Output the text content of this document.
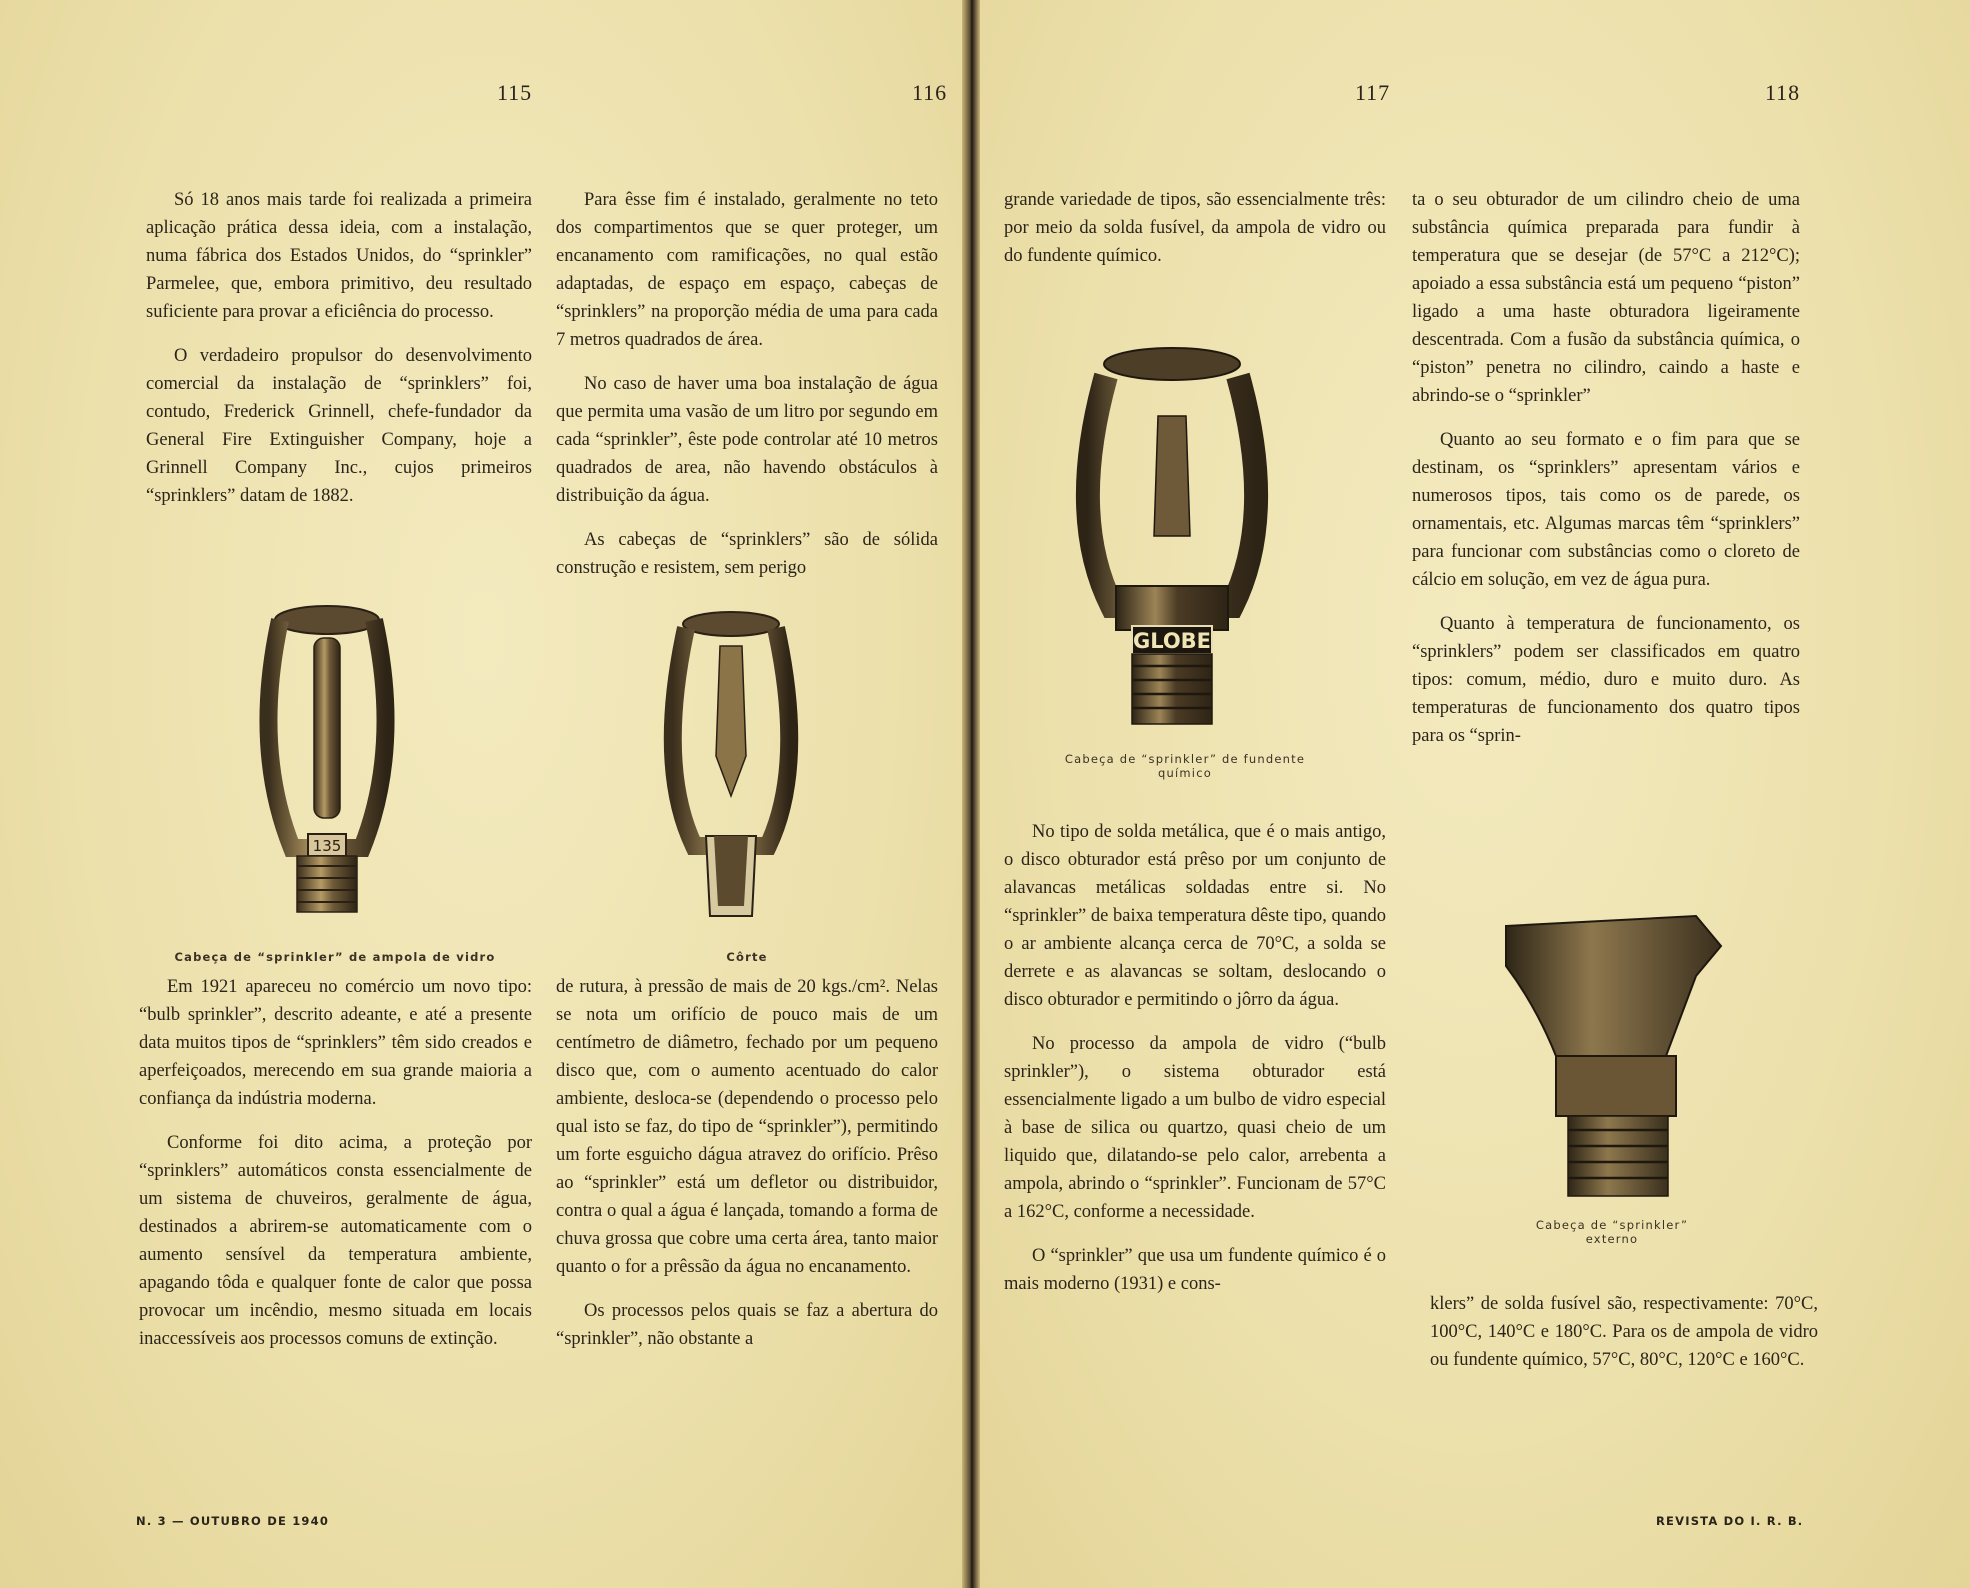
115	116	117	118

Só 18 anos mais tarde foi realizada a primeira aplicação prática dessa ideia, com a instalação, numa fábrica dos Estados Unidos, do “sprinkler” Parmelee, que, embora primitivo, deu resultado suficiente para provar a eficiência do processo.

O verdadeiro propulsor do desenvolvimento comercial da instalação de “sprinklers” foi, contudo, Frederick Grinnell, chefe-fundador da General Fire Extinguisher Company, hoje a Grinnell Company Inc., cujos primeiros “sprinklers” datam de 1882.

135
Cabeça de “sprinkler” de ampola de vidro

Em 1921 apareceu no comércio um novo tipo: “bulb sprinkler”, descrito adeante, e até a presente data muitos tipos de “sprinklers” têm sido creados e aperfeiçoados, merecendo em sua grande maioria a confiança da indústria moderna.

Conforme foi dito acima, a proteção por “sprinklers” automáticos consta essencialmente de um sistema de chuveiros, geralmente de água, destinados a abrirem-se automaticamente com o aumento sensível da temperatura ambiente, apagando tôda e qualquer fonte de calor que possa provocar um incêndio, mesmo situada em locais inaccessíveis aos processos comuns de extinção.

Para êsse fim é instalado, geralmente no teto dos compartimentos que se quer proteger, um encanamento com ramificações, no qual estão adaptadas, de espaço em espaço, cabeças de “sprinklers” na proporção média de uma para cada 7 metros quadrados de área.

No caso de haver uma boa instalação de água que permita uma vasão de um litro por segundo em cada “sprinkler”, êste pode controlar até 10 metros quadrados de area, não havendo obstáculos à distribuição da água.

As cabeças de “sprinklers” são de sólida construção e resistem, sem perigo

Côrte

de rutura, à pressão de mais de 20 kgs./cm². Nelas se nota um orifício de pouco mais de um centímetro de diâmetro, fechado por um pequeno disco que, com o aumento acentuado do calor ambiente, desloca-se (dependendo o processo pelo qual isto se faz, do tipo de “sprinkler”), permitindo um forte esguicho dágua atravez do orifício. Prêso ao “sprinkler” está um defletor ou distribuidor, contra o qual a água é lançada, tomando a forma de chuva grossa que cobre uma certa área, tanto maior quanto o for a prêssão da água no encanamento.

Os processos pelos quais se faz a abertura do “sprinkler”, não obstante a

grande variedade de tipos, são essencialmente três: por meio da solda fusível, da ampola de vidro ou do fundente químico.

GLOBE
Cabeça de “sprinkler” de fundente químico

No tipo de solda metálica, que é o mais antigo, o disco obturador está prêso por um conjunto de alavancas metálicas soldadas entre si. No “sprinkler” de baixa temperatura dêste tipo, quando o ar ambiente alcança cerca de 70°C, a solda se derrete e as alavancas se soltam, deslocando o disco obturador e permitindo o jôrro da água.

No processo da ampola de vidro (“bulb sprinkler”), o sistema obturador está essencialmente ligado a um bulbo de vidro especial à base de silica ou quartzo, quasi cheio de um liquido que, dilatando-se pelo calor, arrebenta a ampola, abrindo o “sprinkler”. Funcionam de 57°C a 162°C, conforme a necessidade.

O “sprinkler” que usa um fundente químico é o mais moderno (1931) e cons-

ta o seu obturador de um cilindro cheio de uma substância química preparada para fundir à temperatura que se desejar (de 57°C a 212°C); apoiado a essa substância está um pequeno “piston” ligado a uma haste obturadora ligeiramente descentrada. Com a fusão da substância química, o “piston” penetra no cilindro, caindo a haste e abrindo-se o “sprinkler”

Quanto ao seu formato e o fim para que se destinam, os “sprinklers” apresentam vários e numerosos tipos, tais como os de parede, os ornamentais, etc. Algumas marcas têm “sprinklers” para funcionar com substâncias como o cloreto de cálcio em solução, em vez de água pura.

Quanto à temperatura de funcionamento, os “sprinklers” podem ser classificados em quatro tipos: comum, médio, duro e muito duro. As temperaturas de funcionamento dos quatro tipos para os “sprin-

Cabeça de “sprinkler” externo

klers” de solda fusível são, respectivamente: 70°C, 100°C, 140°C e 180°C. Para os de ampola de vidro ou fundente químico, 57°C, 80°C, 120°C e 160°C.

N. 3 — OUTUBRO DE 1940	REVISTA DO I. R. B.
